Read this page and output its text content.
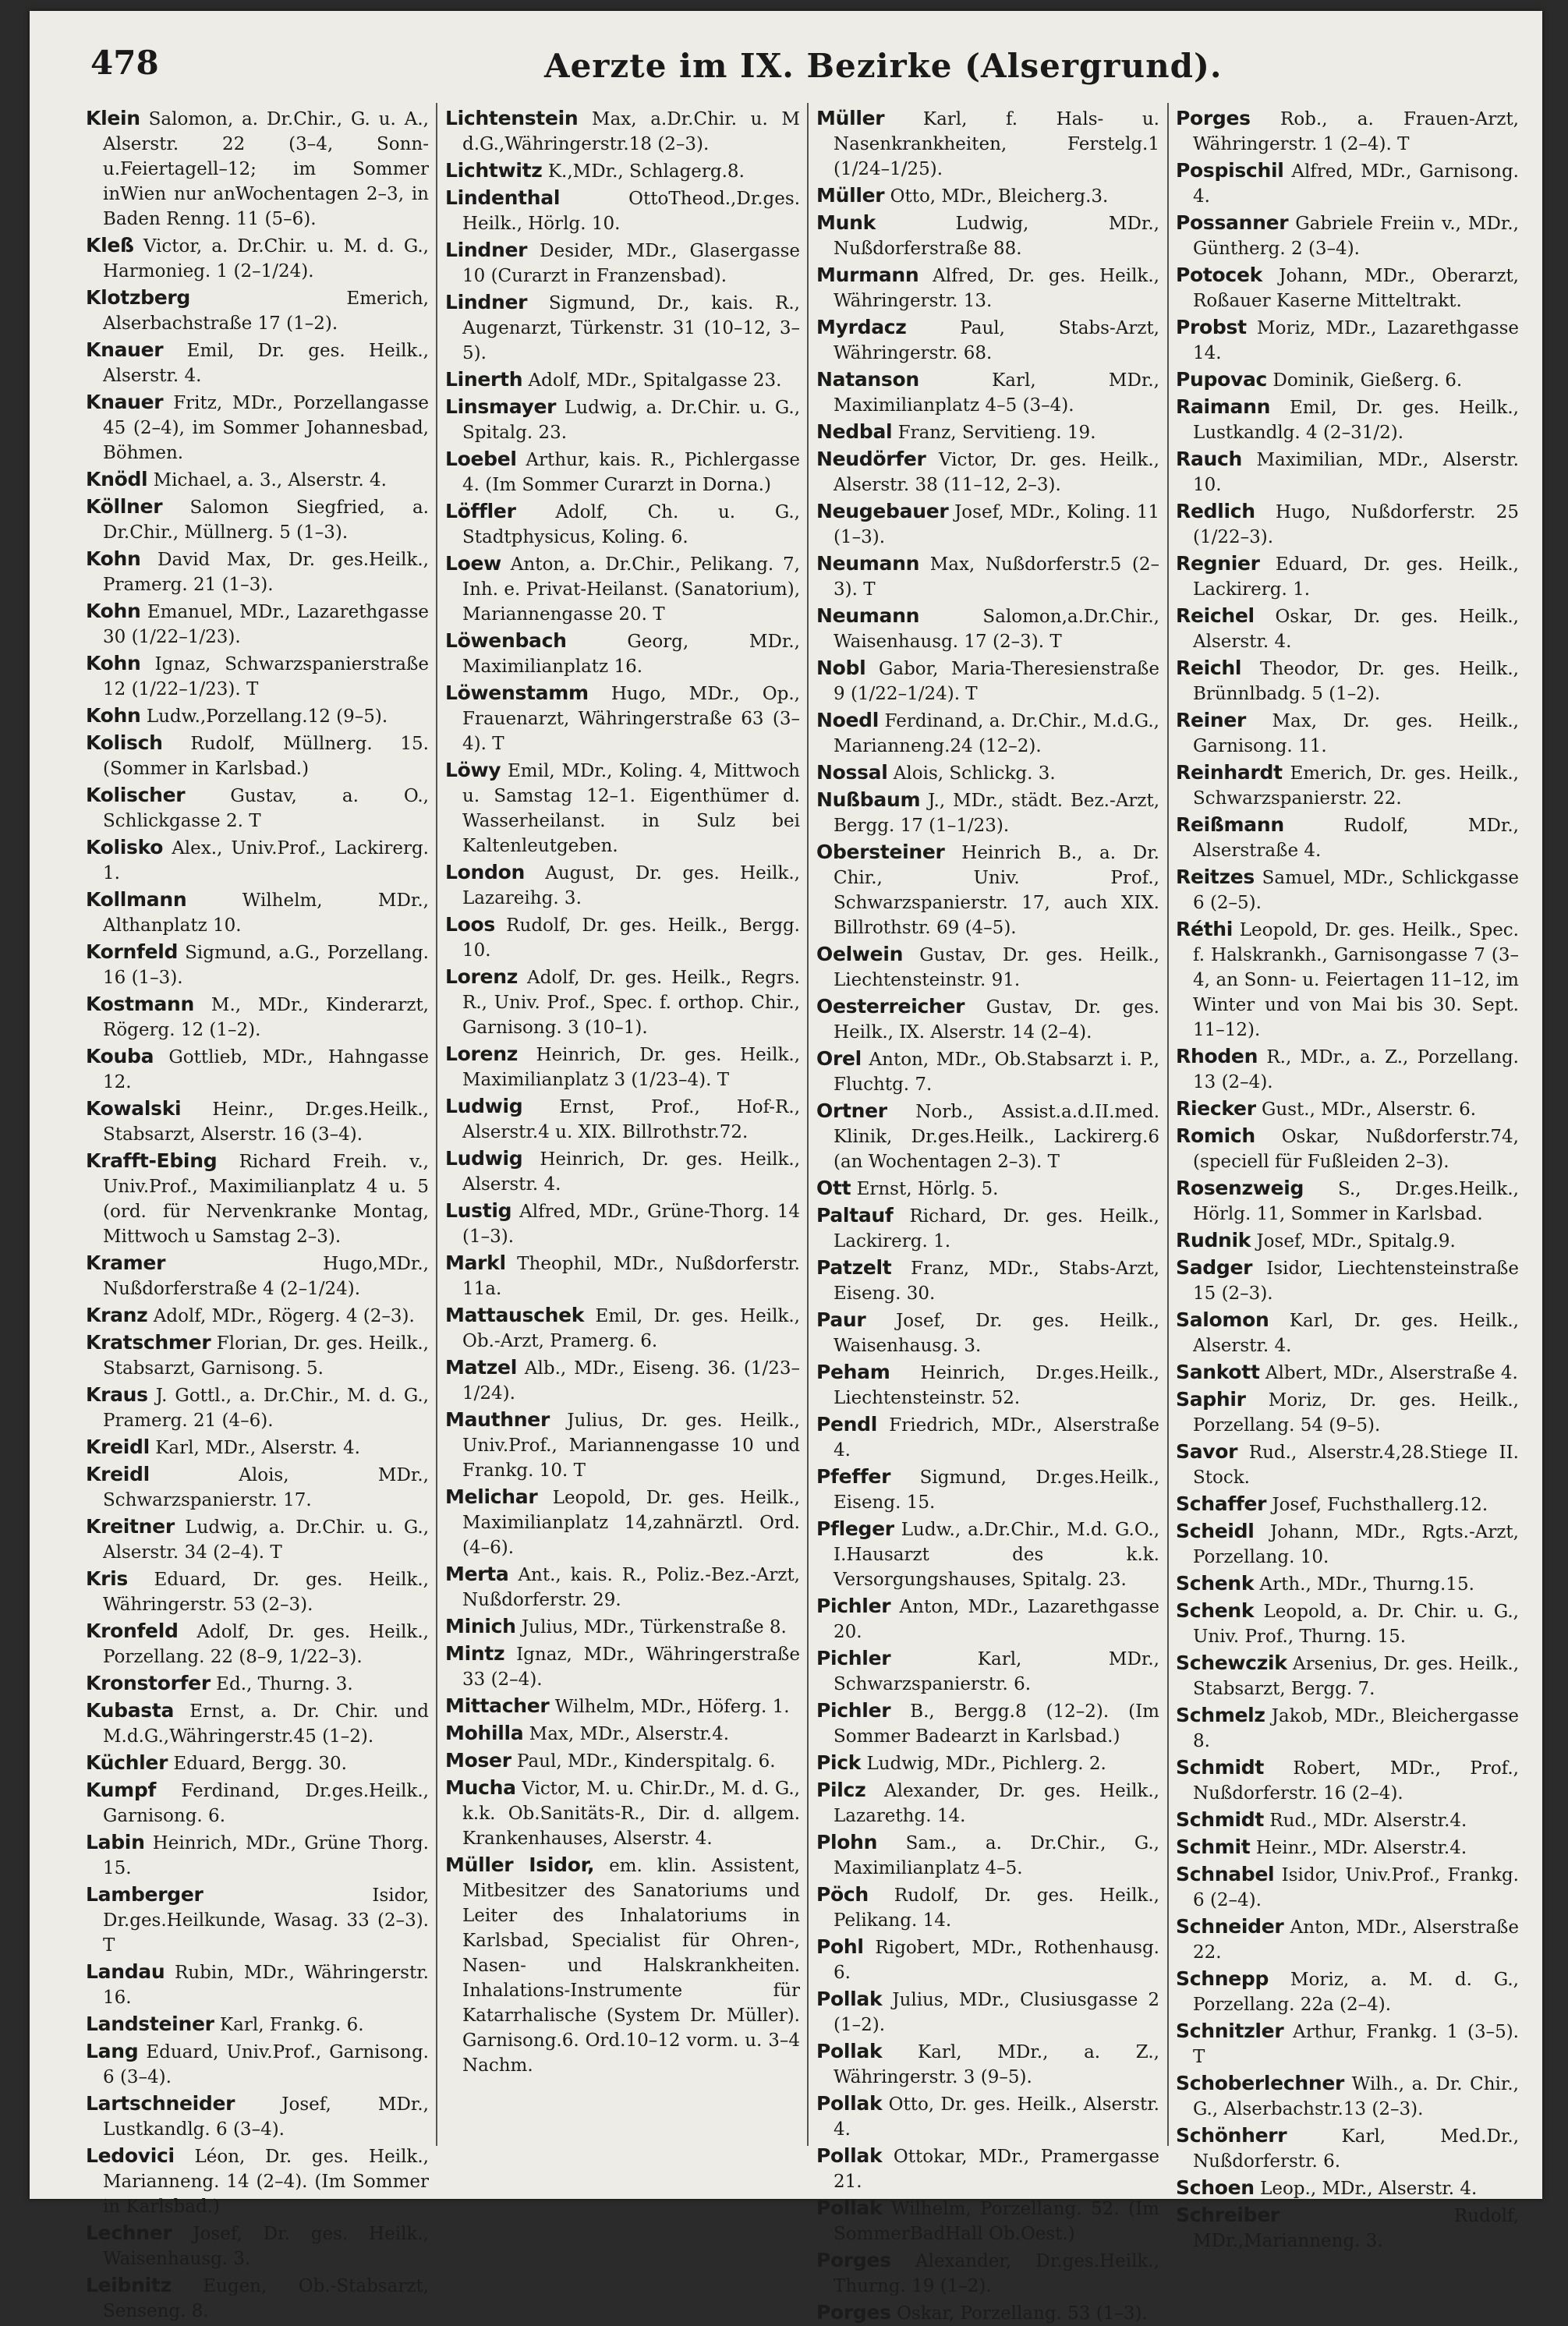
478	Aerzte im IX. Bezirke (Alsergrund).
Klein Salomon, a. Dr.Chir., G. u. A., Alserstr. 22 (3–4, Sonn- u.Feiertagell–12; im Sommer inWien nur anWochentagen 2–3, in Baden Renng. 11 (5–6).
Kleß Victor, a. Dr.Chir. u. M. d. G., Harmonieg. 1 (2–1/24).
Klotzberg Emerich, Alserbachstraße 17 (1–2).
Knauer Emil, Dr. ges. Heilk., Alserstr. 4.
Knauer Fritz, MDr., Porzellangasse 45 (2–4), im Sommer Johannesbad, Böhmen.
Knödl Michael, a. 3., Alserstr. 4.
Köllner Salomon Siegfried, a. Dr.Chir., Müllnerg. 5 (1–3).
Kohn David Max, Dr. ges.Heilk., Pramerg. 21 (1–3).
Kohn Emanuel, MDr., Lazarethgasse 30 (1/22–1/23).
Kohn Ignaz, Schwarzspanierstraße 12 (1/22–1/23). T
Kohn Ludw.,Porzellang.12 (9–5).
Kolisch Rudolf, Müllnerg. 15. (Sommer in Karlsbad.)
Kolischer Gustav, a. O., Schlickgasse 2. T
Kolisko Alex., Univ.Prof., Lackirerg. 1.
Kollmann Wilhelm, MDr., Althanplatz 10.
Kornfeld Sigmund, a.G., Porzellang. 16 (1–3).
Kostmann M., MDr., Kinderarzt, Rögerg. 12 (1–2).
Kouba Gottlieb, MDr., Hahngasse 12.
Kowalski Heinr., Dr.ges.Heilk., Stabsarzt, Alserstr. 16 (3–4).
Krafft-Ebing Richard Freih. v., Univ.Prof., Maximilianplatz 4 u. 5 (ord. für Nervenkranke Montag, Mittwoch u Samstag 2–3).
Kramer Hugo,MDr., Nußdorferstraße 4 (2–1/24).
Kranz Adolf, MDr., Rögerg. 4 (2–3).
Kratschmer Florian, Dr. ges. Heilk., Stabsarzt, Garnisong. 5.
Kraus J. Gottl., a. Dr.Chir., M. d. G., Pramerg. 21 (4–6).
Kreidl Karl, MDr., Alserstr. 4.
Kreidl Alois, MDr., Schwarzspanierstr. 17.
Kreitner Ludwig, a. Dr.Chir. u. G., Alserstr. 34 (2–4). T
Kris Eduard, Dr. ges. Heilk., Währingerstr. 53 (2–3).
Kronfeld Adolf, Dr. ges. Heilk., Porzellang. 22 (8–9, 1/22–3).
Kronstorfer Ed., Thurng. 3.
Kubasta Ernst, a. Dr. Chir. und M.d.G.,Währingerstr.45 (1–2).
Küchler Eduard, Bergg. 30.
Kumpf Ferdinand, Dr.ges.Heilk., Garnisong. 6.
Labin Heinrich, MDr., Grüne Thorg. 15.
Lamberger Isidor, Dr.ges.Heilkunde, Wasag. 33 (2–3). T
Landau Rubin, MDr., Währingerstr. 16.
Landsteiner Karl, Frankg. 6.
Lang Eduard, Univ.Prof., Garnisong. 6 (3–4).
Lartschneider Josef, MDr., Lustkandlg. 6 (3–4).
Ledovici Léon, Dr. ges. Heilk., Marianneng. 14 (2–4). (Im Sommer in Karlsbad.)
Lechner Josef, Dr. ges. Heilk., Waisenhausg. 3.
Leibnitz Eugen, Ob.-Stabsarzt, Senseng. 8.
Lichtenstein Max, a.Dr.Chir. u. M d.G.,Währingerstr.18 (2–3).
Lichtwitz K.,MDr., Schlagerg.8.
Lindenthal OttoTheod.,Dr.ges. Heilk., Hörlg. 10.
Lindner Desider, MDr., Glasergasse 10 (Curarzt in Franzensbad).
Lindner Sigmund, Dr., kais. R., Augenarzt, Türkenstr. 31 (10–12, 3–5).
Linerth Adolf, MDr., Spitalgasse 23.
Linsmayer Ludwig, a. Dr.Chir. u. G., Spitalg. 23.
Loebel Arthur, kais. R., Pichlergasse 4. (Im Sommer Curarzt in Dorna.)
Löffler Adolf, Ch. u. G., Stadtphysicus, Koling. 6.
Loew Anton, a. Dr.Chir., Pelikang. 7, Inh. e. Privat-Heilanst. (Sanatorium), Mariannengasse 20. T
Löwenbach Georg, MDr., Maximilianplatz 16.
Löwenstamm Hugo, MDr., Op., Frauenarzt, Währingerstraße 63 (3–4). T
Löwy Emil, MDr., Koling. 4, Mittwoch u. Samstag 12–1. Eigenthümer d. Wasserheilanst. in Sulz bei Kaltenleutgeben.
London August, Dr. ges. Heilk., Lazareihg. 3.
Loos Rudolf, Dr. ges. Heilk., Bergg. 10.
Lorenz Adolf, Dr. ges. Heilk., Regrs. R., Univ. Prof., Spec. f. orthop. Chir., Garnisong. 3 (10–1).
Lorenz Heinrich, Dr. ges. Heilk., Maximilianplatz 3 (1/23–4). T
Ludwig Ernst, Prof., Hof-R., Alserstr.4 u. XIX. Billrothstr.72.
Ludwig Heinrich, Dr. ges. Heilk., Alserstr. 4.
Lustig Alfred, MDr., Grüne-Thorg. 14 (1–3).
Markl Theophil, MDr., Nußdorferstr. 11a.
Mattauschek Emil, Dr. ges. Heilk., Ob.-Arzt, Pramerg. 6.
Matzel Alb., MDr., Eiseng. 36. (1/23–1/24).
Mauthner Julius, Dr. ges. Heilk., Univ.Prof., Mariannengasse 10 und Frankg. 10. T
Melichar Leopold, Dr. ges. Heilk., Maximilianplatz 14,zahnärztl. Ord. (4–6).
Merta Ant., kais. R., Poliz.-Bez.-Arzt, Nußdorferstr. 29.
Minich Julius, MDr., Türkenstraße 8.
Mintz Ignaz, MDr., Währingerstraße 33 (2–4).
Mittacher Wilhelm, MDr., Höferg. 1.
Mohilla Max, MDr., Alserstr.4.
Moser Paul, MDr., Kinderspitalg. 6.
Mucha Victor, M. u. Chir.Dr., M. d. G., k.k. Ob.Sanitäts-R., Dir. d. allgem. Krankenhauses, Alserstr. 4.
Müller Isidor, em. klin. Assistent, Mitbesitzer des Sanatoriums und Leiter des Inhalatoriums in Karlsbad, Specialist für Ohren-, Nasen- und Halskrankheiten. Inhalations-Instrumente für Katarrhalische (System Dr. Müller). Garnisong.6. Ord.10–12 vorm. u. 3–4 Nachm.
Müller Karl, f. Hals- u. Nasenkrankheiten, Ferstelg.1 (1/24–1/25).
Müller Otto, MDr., Bleicherg.3.
Munk Ludwig, MDr., Nußdorferstraße 88.
Murmann Alfred, Dr. ges. Heilk., Währingerstr. 13.
Myrdacz Paul, Stabs-Arzt, Währingerstr. 68.
Natanson Karl, MDr., Maximilianplatz 4–5 (3–4).
Nedbal Franz, Servitieng. 19.
Neudörfer Victor, Dr. ges. Heilk., Alserstr. 38 (11–12, 2–3).
Neugebauer Josef, MDr., Koling. 11 (1–3).
Neumann Max, Nußdorferstr.5 (2–3). T
Neumann Salomon,a.Dr.Chir., Waisenhausg. 17 (2–3). T
Nobl Gabor, Maria-Theresienstraße 9 (1/22–1/24). T
Noedl Ferdinand, a. Dr.Chir., M.d.G., Marianneng.24 (12–2).
Nossal Alois, Schlickg. 3.
Nußbaum J., MDr., städt. Bez.-Arzt, Bergg. 17 (1–1/23).
Obersteiner Heinrich B., a. Dr. Chir., Univ. Prof., Schwarzspanierstr. 17, auch XIX. Billrothstr. 69 (4–5).
Oelwein Gustav, Dr. ges. Heilk., Liechtensteinstr. 91.
Oesterreicher Gustav, Dr. ges. Heilk., IX. Alserstr. 14 (2–4).
Orel Anton, MDr., Ob.Stabsarzt i. P., Fluchtg. 7.
Ortner Norb., Assist.a.d.II.med. Klinik, Dr.ges.Heilk., Lackirerg.6 (an Wochentagen 2–3). T
Ott Ernst, Hörlg. 5.
Paltauf Richard, Dr. ges. Heilk., Lackirerg. 1.
Patzelt Franz, MDr., Stabs-Arzt, Eiseng. 30.
Paur Josef, Dr. ges. Heilk., Waisenhausg. 3.
Peham Heinrich, Dr.ges.Heilk., Liechtensteinstr. 52.
Pendl Friedrich, MDr., Alserstraße 4.
Pfeffer Sigmund, Dr.ges.Heilk., Eiseng. 15.
Pfleger Ludw., a.Dr.Chir., M.d. G.O., I.Hausarzt des k.k. Versorgungshauses, Spitalg. 23.
Pichler Anton, MDr., Lazarethgasse 20.
Pichler Karl, MDr., Schwarzspanierstr. 6.
Pichler B., Bergg.8 (12–2). (Im Sommer Badearzt in Karlsbad.)
Pick Ludwig, MDr., Pichlerg. 2.
Pilcz Alexander, Dr. ges. Heilk., Lazarethg. 14.
Plohn Sam., a. Dr.Chir., G., Maximilianplatz 4–5.
Pöch Rudolf, Dr. ges. Heilk., Pelikang. 14.
Pohl Rigobert, MDr., Rothenhausg. 6.
Pollak Julius, MDr., Clusiusgasse 2 (1–2).
Pollak Karl, MDr., a. Z., Währingerstr. 3 (9–5).
Pollak Otto, Dr. ges. Heilk., Alserstr. 4.
Pollak Ottokar, MDr., Pramergasse 21.
Pollak Wilhelm, Porzellang. 52. (Im SommerBadHall Ob.Oest.)
Porges Alexander, Dr.ges.Heilk., Thurng. 19 (1–2).
Porges Oskar, Porzellang. 53 (1–3).
Porges Rob., a. Frauen-Arzt, Währingerstr. 1 (2–4). T
Pospischil Alfred, MDr., Garnisong. 4.
Possanner Gabriele Freiin v., MDr., Güntherg. 2 (3–4).
Potocek Johann, MDr., Oberarzt, Roßauer Kaserne Mitteltrakt.
Probst Moriz, MDr., Lazarethgasse 14.
Pupovac Dominik, Gießerg. 6.
Raimann Emil, Dr. ges. Heilk., Lustkandlg. 4 (2–31/2).
Rauch Maximilian, MDr., Alserstr. 10.
Redlich Hugo, Nußdorferstr. 25 (1/22–3).
Regnier Eduard, Dr. ges. Heilk., Lackirerg. 1.
Reichel Oskar, Dr. ges. Heilk., Alserstr. 4.
Reichl Theodor, Dr. ges. Heilk., Brünnlbadg. 5 (1–2).
Reiner Max, Dr. ges. Heilk., Garnisong. 11.
Reinhardt Emerich, Dr. ges. Heilk., Schwarzspanierstr. 22.
Reißmann Rudolf, MDr., Alserstraße 4.
Reitzes Samuel, MDr., Schlickgasse 6 (2–5).
Réthi Leopold, Dr. ges. Heilk., Spec. f. Halskrankh., Garnisongasse 7 (3–4, an Sonn- u. Feiertagen 11–12, im Winter und von Mai bis 30. Sept. 11–12).
Rhoden R., MDr., a. Z., Porzellang. 13 (2–4).
Riecker Gust., MDr., Alserstr. 6.
Romich Oskar, Nußdorferstr.74, (speciell für Fußleiden 2–3).
Rosenzweig S., Dr.ges.Heilk., Hörlg. 11, Sommer in Karlsbad.
Rudnik Josef, MDr., Spitalg.9.
Sadger Isidor, Liechtensteinstraße 15 (2–3).
Salomon Karl, Dr. ges. Heilk., Alserstr. 4.
Sankott Albert, MDr., Alserstraße 4.
Saphir Moriz, Dr. ges. Heilk., Porzellang. 54 (9–5).
Savor Rud., Alserstr.4,28.Stiege II. Stock.
Schaffer Josef, Fuchsthallerg.12.
Scheidl Johann, MDr., Rgts.-Arzt, Porzellang. 10.
Schenk Arth., MDr., Thurng.15.
Schenk Leopold, a. Dr. Chir. u. G., Univ. Prof., Thurng. 15.
Schewczik Arsenius, Dr. ges. Heilk., Stabsarzt, Bergg. 7.
Schmelz Jakob, MDr., Bleichergasse 8.
Schmidt Robert, MDr., Prof., Nußdorferstr. 16 (2–4).
Schmidt Rud., MDr. Alserstr.4.
Schmit Heinr., MDr. Alserstr.4.
Schnabel Isidor, Univ.Prof., Frankg. 6 (2–4).
Schneider Anton, MDr., Alserstraße 22.
Schnepp Moriz, a. M. d. G., Porzellang. 22a (2–4).
Schnitzler Arthur, Frankg. 1 (3–5). T
Schoberlechner Wilh., a. Dr. Chir., G., Alserbachstr.13 (2–3).
Schönherr Karl, Med.Dr., Nußdorferstr. 6.
Schoen Leop., MDr., Alserstr. 4.
Schreiber Rudolf, MDr.,Marianneng. 3.
